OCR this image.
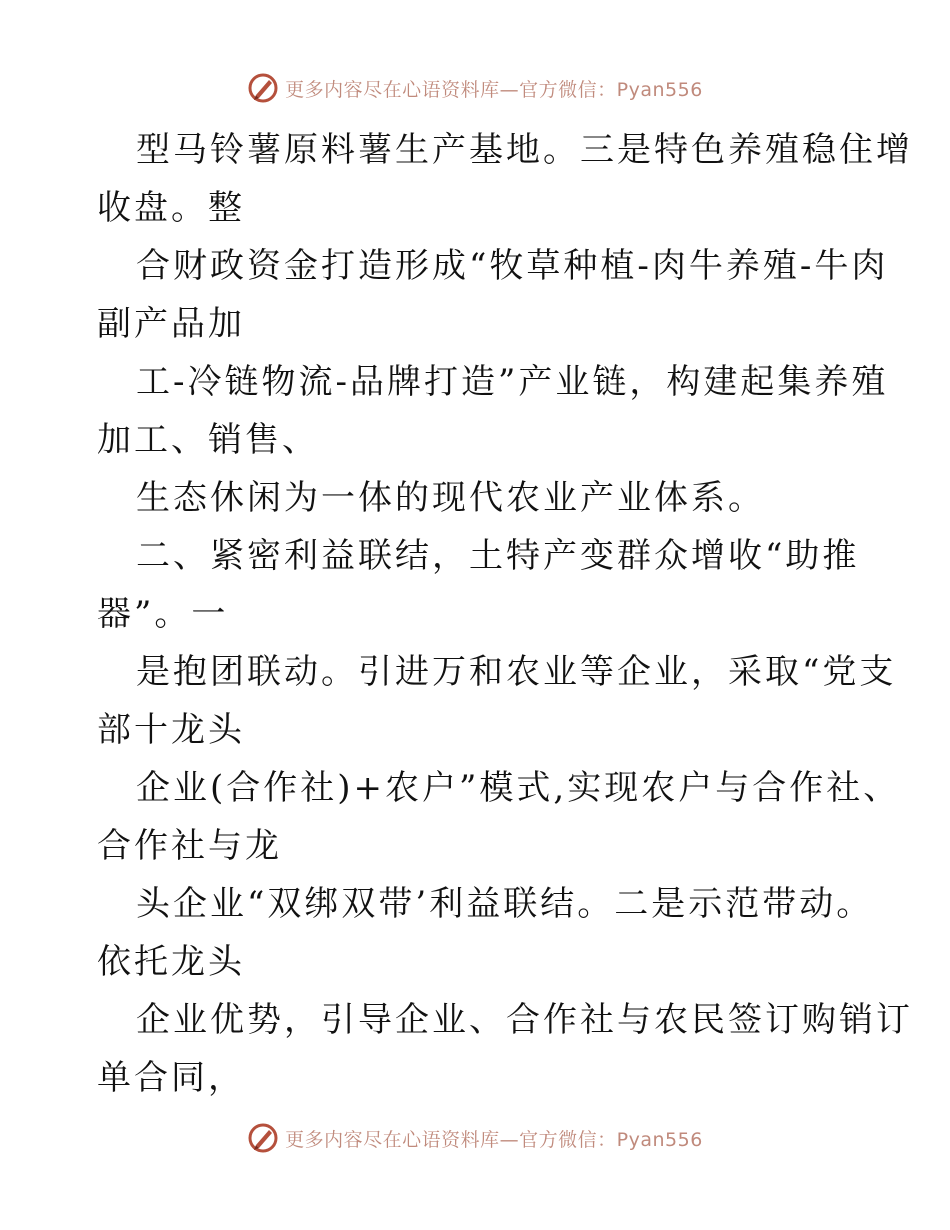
更多内容尽在心语资料库—官方微信：Pyan556
型马铃薯原料薯生产基地。三是特色养殖稳住增
收盘。整
合财政资金打造形成“牧草种植-肉牛养殖-牛肉
副产品加
工-冷链物流-品牌打造”产业链，构建起集养殖
加工、销售、
生态休闲为一体的现代农业产业体系。
二、紧密利益联结，土特产变群众增收“助推
器”。一
是抱团联动。引进万和农业等企业，采取“党支
部十龙头
企业(合作社)+农户”模式,实现农户与合作社、
合作社与龙
头企业“双绑双带’利益联结。二是示范带动。
依托龙头
企业优势，引导企业、合作社与农民签订购销订
单合同，
更多内容尽在心语资料库—官方微信：Pyan556
